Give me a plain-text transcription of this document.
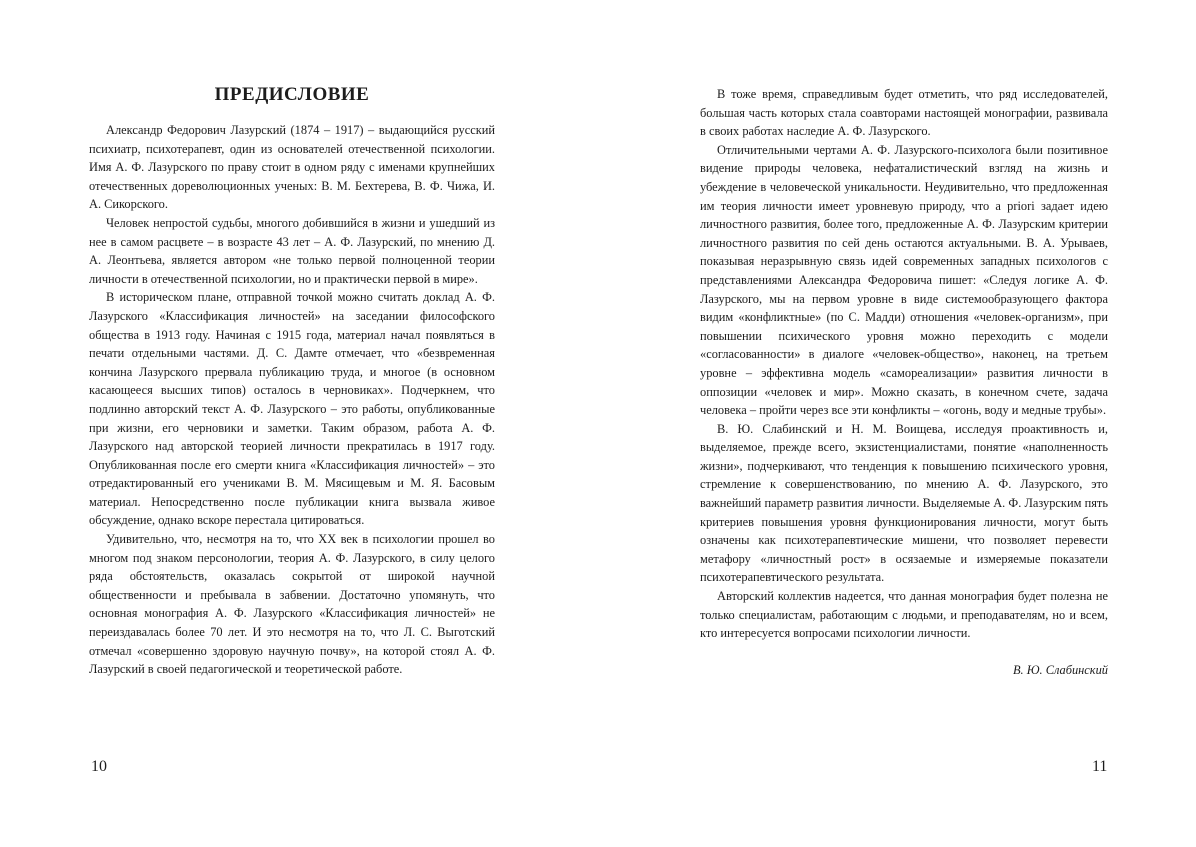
ПРЕДИСЛОВИЕ

Александр Федорович Лазурский (1874 – 1917) – выдающийся русский психиатр, психотерапевт, один из основателей отечественной психологии. Имя А. Ф. Лазурского по праву стоит в одном ряду с именами крупнейших отечественных дореволюционных ученых: В. М. Бехтерева, В. Ф. Чижа, И. А. Сикорского.

Человек непростой судьбы, многого добившийся в жизни и ушедший из нее в самом расцвете – в возрасте 43 лет – А. Ф. Лазурский, по мнению Д. А. Леонтьева, является автором «не только первой полноценной теории личности в отечественной психологии, но и практически первой в мире».

В историческом плане, отправной точкой можно считать доклад А. Ф. Лазурского «Классификация личностей» на заседании философского общества в 1913 году. Начиная с 1915 года, материал начал появляться в печати отдельными частями. Д. С. Дамте отмечает, что «безвременная кончина Лазурского прервала публикацию труда, и многое (в основном касающееся высших типов) осталось в черновиках». Подчеркнем, что подлинно авторский текст А. Ф. Лазурского – это работы, опубликованные при жизни, его черновики и заметки. Таким образом, работа А. Ф. Лазурского над авторской теорией личности прекратилась в 1917 году. Опубликованная после его смерти книга «Классификация личностей» – это отредактированный его учениками В. М. Мясищевым и М. Я. Басовым материал. Непосредственно после публикации книга вызвала живое обсуждение, однако вскоре перестала цитироваться.

Удивительно, что, несмотря на то, что XX век в психологии прошел во многом под знаком персонологии, теория А. Ф. Лазурского, в силу целого ряда обстоятельств, оказалась сокрытой от широкой научной общественности и пребывала в забвении. Достаточно упомянуть, что основная монография А. Ф. Лазурского «Классификация личностей» не переиздавалась более 70 лет. И это несмотря на то, что Л. С. Выготский отмечал «совершенно здоровую научную почву», на которой стоял А. Ф. Лазурский в своей педагогической и теоретической работе.

10

В тоже время, справедливым будет отметить, что ряд исследователей, большая часть которых стала соавторами настоящей монографии, развивала в своих работах наследие А. Ф. Лазурского.

Отличительными чертами А. Ф. Лазурского-психолога были позитивное видение природы человека, нефаталистический взгляд на жизнь и убеждение в человеческой уникальности. Неудивительно, что предложенная им теория личности имеет уровневую природу, что а priori задает идею личностного развития, более того, предложенные А. Ф. Лазурским критерии личностного развития по сей день остаются актуальными. В. А. Урываев, показывая неразрывную связь идей современных западных психологов с представлениями Александра Федоровича пишет: «Следуя логике А. Ф. Лазурского, мы на первом уровне в виде системообразующего фактора видим «конфликтные» (по С. Мадди) отношения «человек-организм», при повышении психического уровня можно переходить с модели «согласованности» в диалоге «человек-общество», наконец, на третьем уровне – эффективна модель «самореализации» развития личности в оппозиции «человек и мир». Можно сказать, в конечном счете, задача человека – пройти через все эти конфликты – «огонь, воду и медные трубы».

В. Ю. Слабинский и Н. М. Воищева, исследуя проактивность и, выделяемое, прежде всего, экзистенциалистами, понятие «наполненность жизни», подчеркивают, что тенденция к повышению психического уровня, стремление к совершенствованию, по мнению А. Ф. Лазурского, это важнейший параметр развития личности. Выделяемые А. Ф. Лазурским пять критериев повышения уровня функционирования личности, могут быть означены как психотерапевтические мишени, что позволяет перевести метафору «личностный рост» в осязаемые и измеряемые показатели психотерапевтического результата.

Авторский коллектив надеется, что данная монография будет полезна не только специалистам, работающим с людьми, и преподавателям, но и всем, кто интересуется вопросами психологии личности.

В. Ю. Слабинский

11
